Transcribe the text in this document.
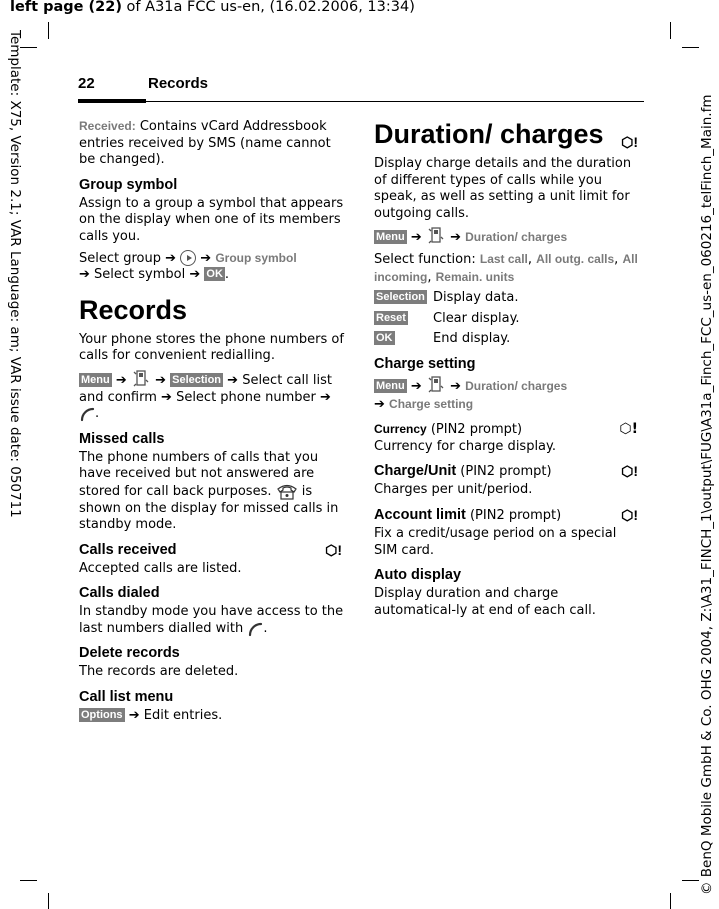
left page (22) of A31a FCC us-en, (16.02.2006, 13:34)
Template: X75, Version 2.1; VAR Language: am; VAR issue date: 050711	© BenQ Mobile GmbH & Co. OHG 2004, Z:\A31_FINCH_1\output\FUG\A31a_Finch_FCC_us-en_060216_telFinch_Main.fm
22	Records

Received: Contains vCard Addressbook entries received by SMS (name cannot be changed).

Group symbol

Assign to a group a symbol that appears on the display when one of its members calls you.

Select group ➔  ➔ Group symbol
➔ Select symbol ➔ OK .

Records

Your phone stores the phone numbers of calls for convenient redialling.

Menu ➔ ➔ Selection ➔ Select call list and confirm ➔ Select phone number ➔ .

Missed calls

The phone numbers of calls that you have received but not answered are stored for call back purposes.  is shown on the display for missed calls in standby mode.

Calls received	⬡!

Accepted calls are listed.

Calls dialed

In standby mode you have access to the last numbers dialled with .

Delete records

The records are deleted.

Call list menu

Options ➔ Edit entries.

Duration/ charges ⬡!

Display charge details and the duration of different types of calls while you speak, as well as setting a unit limit for outgoing calls.

Menu ➔ ➔ Duration/ charges

Select function: Last call, All outg. calls, All incoming, Remain. units

Selection Display data.
Reset	Clear display.
OK	End display.
Charge setting

Menu ➔ ➔ Duration/ charges
➔ Charge setting

Currency (PIN2 prompt)	⬡!

Currency for charge display.

Charge/Unit (PIN2 prompt)	⬡!

Charges per unit/period.

Account limit (PIN2 prompt)	⬡!

Fix a credit/usage period on a special SIM card.

Auto display

Display duration and charge automatical-ly at end of each call.
